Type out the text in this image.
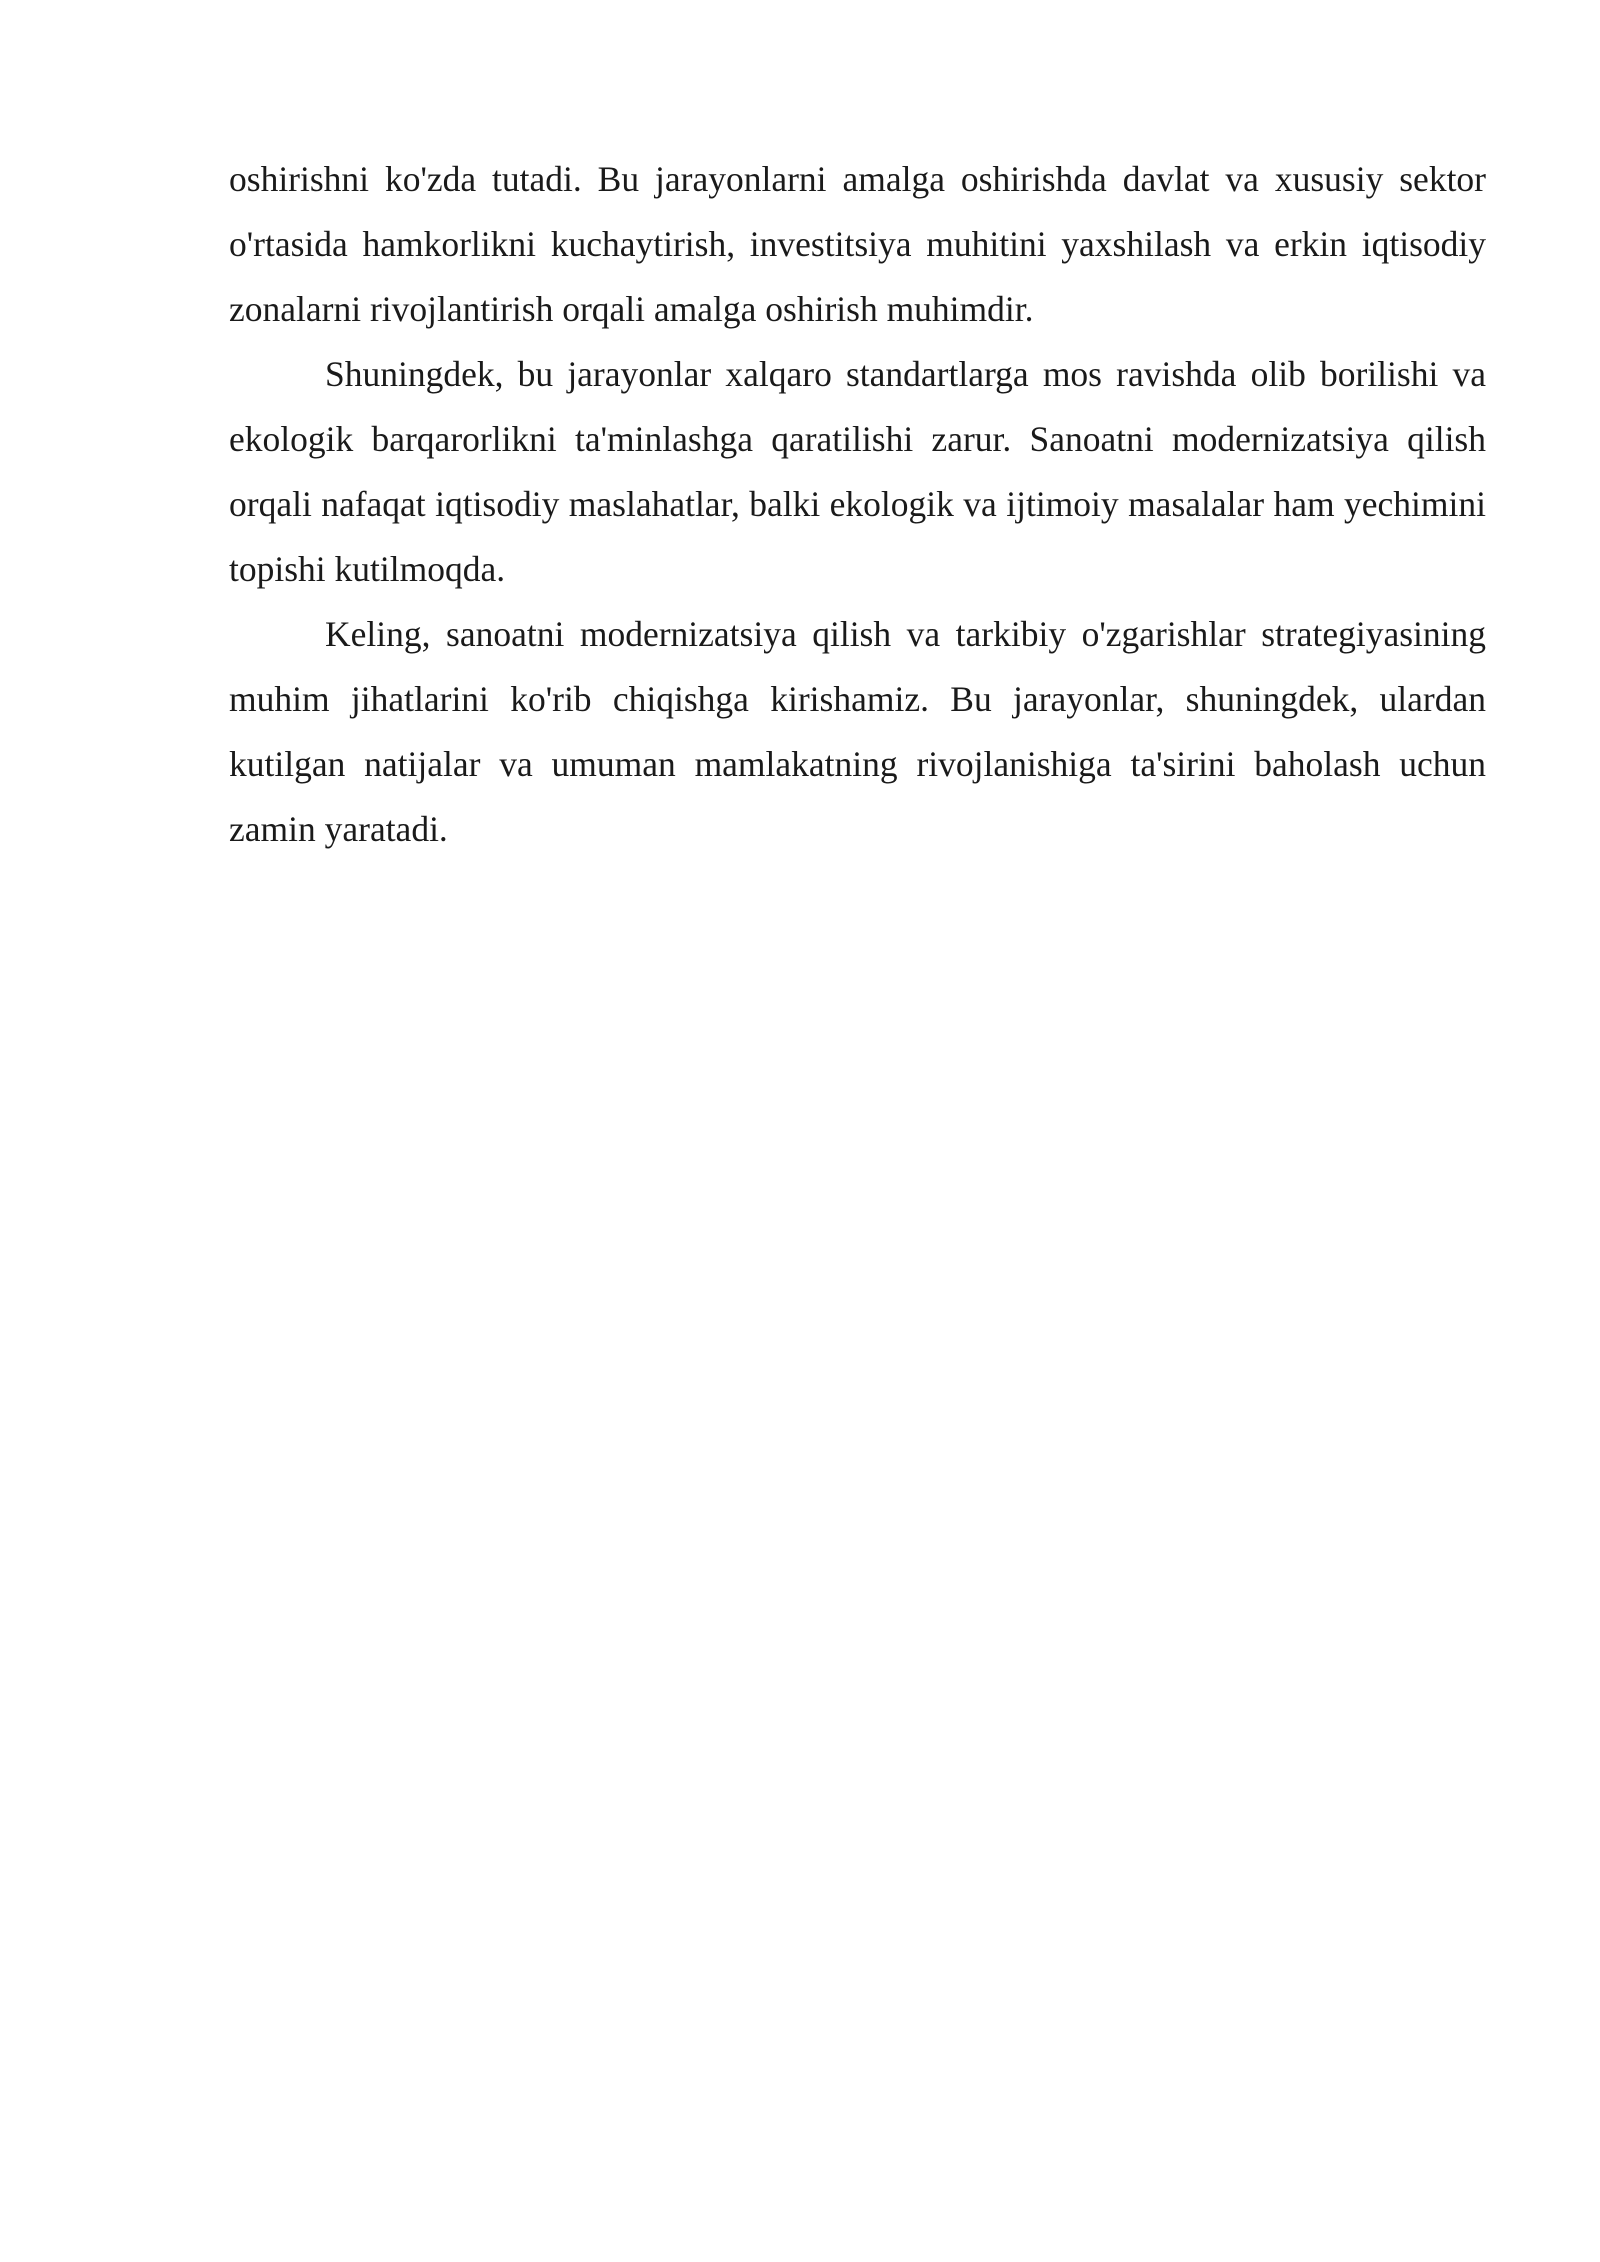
oshirishni ko'zda tutadi. Bu jarayonlarni amalga oshirishda davlat va xususiy sektor o'rtasida hamkorlikni kuchaytirish, investitsiya muhitini yaxshilash va erkin iqtisodiy zonalarni rivojlantirish orqali amalga oshirish muhimdir.

Shuningdek, bu jarayonlar xalqaro standartlarga mos ravishda olib borilishi va ekologik barqarorlikni ta'minlashga qaratilishi zarur. Sanoatni modernizatsiya qilish orqali nafaqat iqtisodiy maslahatlar, balki ekologik va ijtimoiy masalalar ham yechimini topishi kutilmoqda.

Keling, sanoatni modernizatsiya qilish va tarkibiy o'zgarishlar strategiyasining muhim jihatlarini ko'rib chiqishga kirishamiz. Bu jarayonlar, shuningdek, ulardan kutilgan natijalar va umuman mamlakatning rivojlanishiga ta'sirini baholash uchun zamin yaratadi.
